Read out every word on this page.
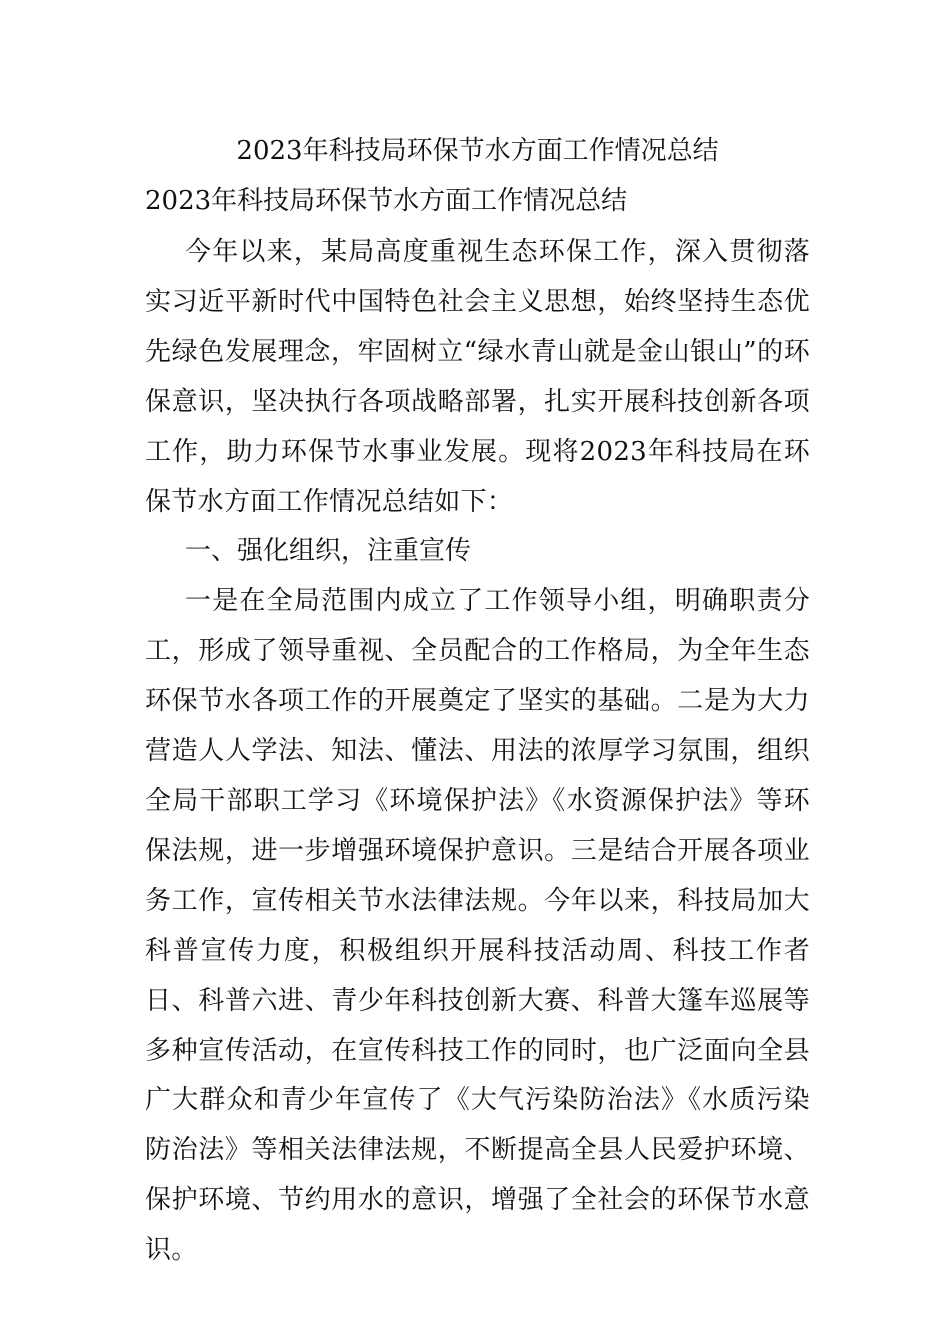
2023年科技局环保节水方面工作情况总结
2023年科技局环保节水方面工作情况总结

今年以来，某局高度重视生态环保工作，深入贯彻落实习近平新时代中国特色社会主义思想，始终坚持生态优先绿色发展理念，牢固树立“绿水青山就是金山银山”的环保意识，坚决执行各项战略部署，扎实开展科技创新各项工作，助力环保节水事业发展。现将2023年科技局在环保节水方面工作情况总结如下：

一、强化组织，注重宣传

一是在全局范围内成立了工作领导小组，明确职责分工，形成了领导重视、全员配合的工作格局，为全年生态环保节水各项工作的开展奠定了坚实的基础。二是为大力营造人人学法、知法、懂法、用法的浓厚学习氛围，组织全局干部职工学习《环境保护法》《水资源保护法》等环保法规，进一步增强环境保护意识。三是结合开展各项业务工作，宣传相关节水法律法规。今年以来，科技局加大科普宣传力度，积极组织开展科技活动周、科技工作者日、科普六进、青少年科技创新大赛、科普大篷车巡展等多种宣传活动，在宣传科技工作的同时，也广泛面向全县广大群众和青少年宣传了《大气污染防治法》《水质污染防治法》等相关法律法规，不断提高全县人民爱护环境、保护环境、节约用水的意识，增强了全社会的环保节水意识。
